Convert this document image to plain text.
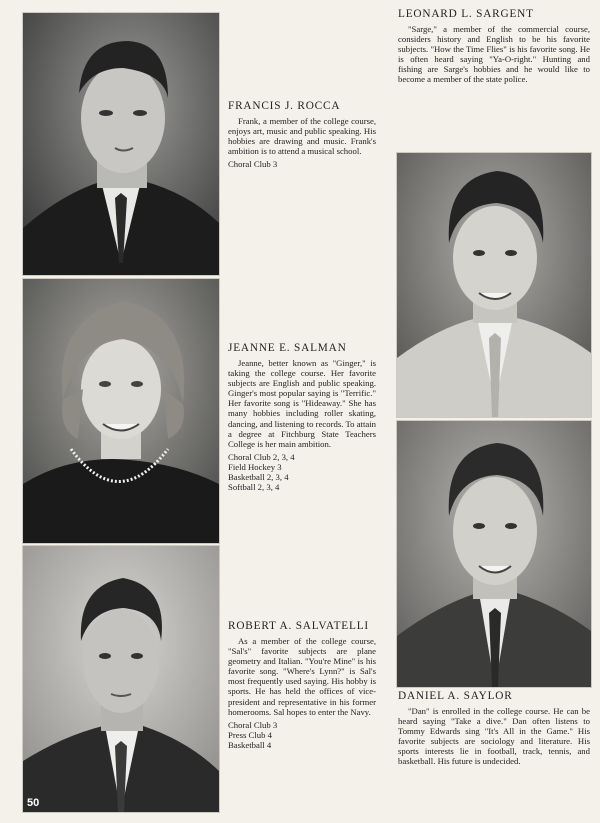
50
FRANCIS J. ROCCA

Frank, a member of the college course, enjoys art, music and public speaking. His hobbies are drawing and music. Frank's ambition is to attend a musical school.

Choral Club 3
JEANNE E. SALMAN

Jeanne, better known as "Ginger," is taking the college course. Her favorite subjects are English and public speaking. Ginger's most popular saying is "Terrific." Her favorite song is "Hideaway." She has many hobbies including roller skating, dancing, and listening to records. To attain a degree at Fitchburg State Teachers College is her main ambition.

Choral Club 2, 3, 4
Field Hockey 3
Basketball 2, 3, 4
Softball 2, 3, 4
ROBERT A. SALVATELLI

As a member of the college course, "Sal's" favorite subjects are plane geometry and Italian. "You're Mine" is his favorite song. "Where's Lynn?" is Sal's most frequently used saying. His hobby is sports. He has held the offices of vice-president and representative in his former homerooms. Sal hopes to enter the Navy.

Choral Club 3
Press Club 4
Basketball 4
LEONARD L. SARGENT

"Sarge," a member of the commercial course, considers history and English to be his favorite subjects. "How the Time Flies" is his favorite song. He is often heard saying "Ya-O-right." Hunting and fishing are Sarge's hobbies and he would like to become a member of the state police.

DANIEL A. SAYLOR

"Dan" is enrolled in the college course. He can be heard saying "Take a dive." Dan often listens to Tommy Edwards sing "It's All in the Game." His favorite subjects are sociology and literature. His sports interests lie in football, track, tennis, and basketball. His future is undecided.
